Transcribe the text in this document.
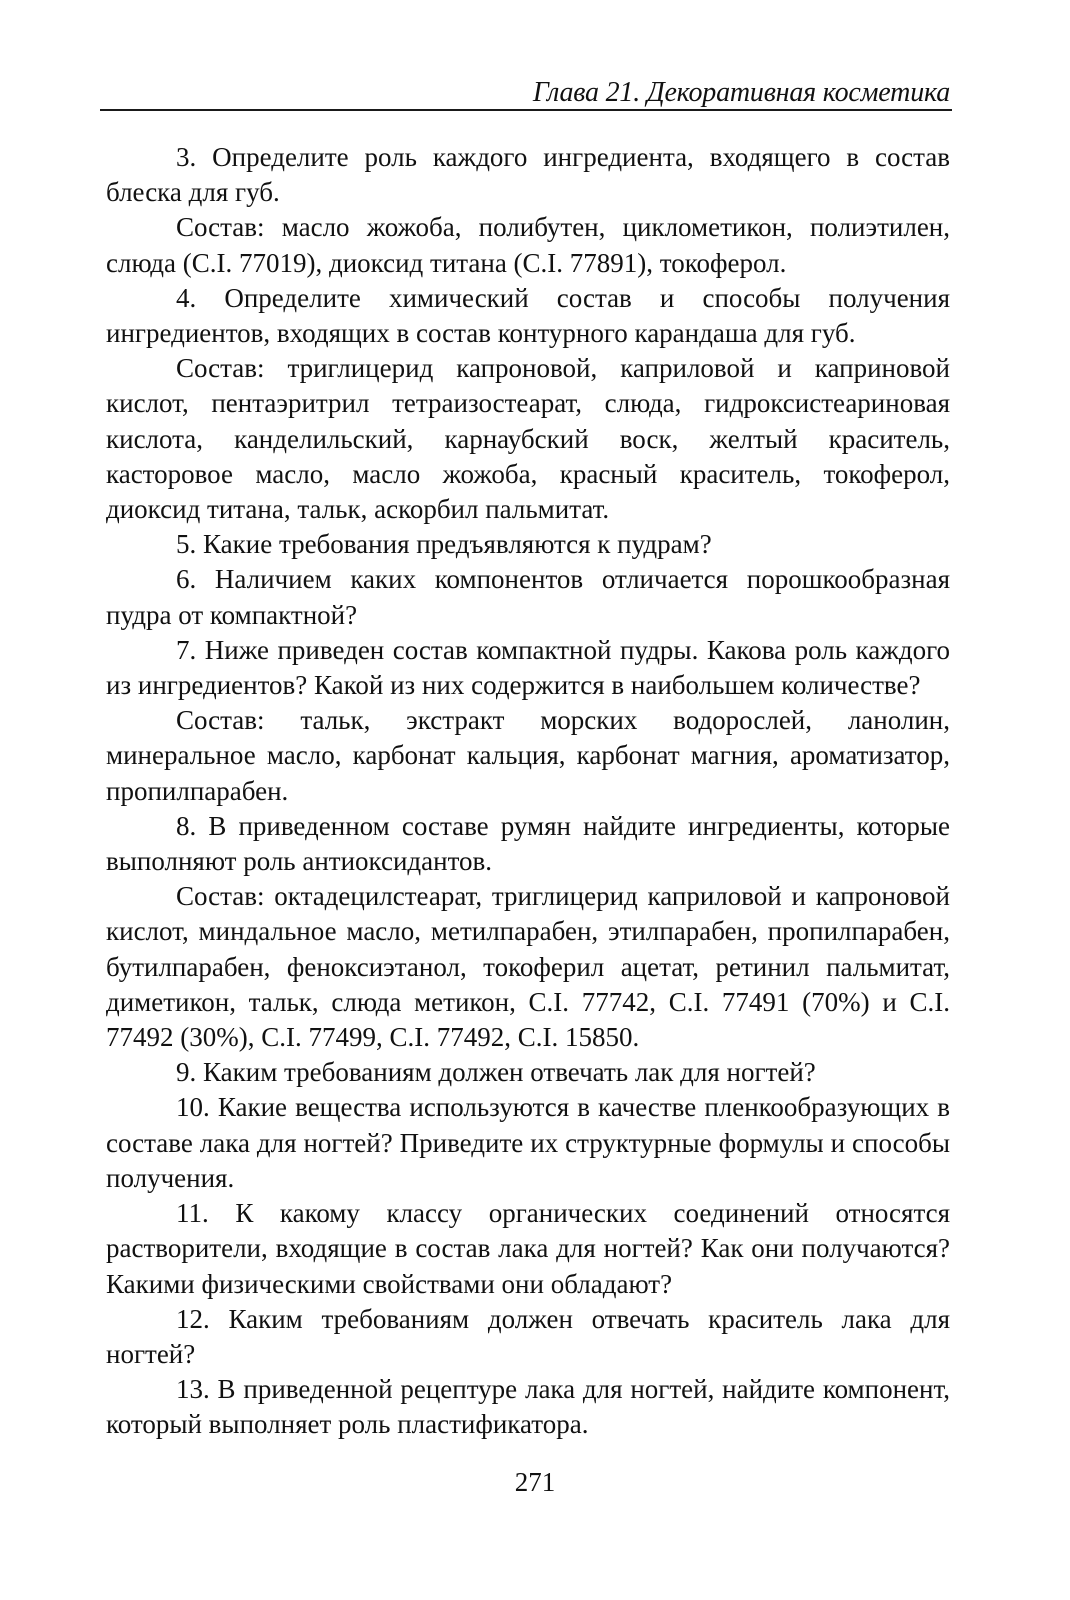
Глава 21. Декоративная косметика

3. Определите роль каждого ингредиента, входящего в состав блеска для губ.

Состав: масло жожоба, полибутен, циклометикон, полиэтилен, слюда (C.I. 77019), диоксид титана (C.I. 77891), токоферол.

4. Определите химический состав и способы получения ингредиентов, входящих в состав контурного карандаша для губ.

Состав: триглицерид капроновой, каприловой и каприновой кислот, пентаэритрил тетраизостеарат, слюда, гидроксистеариновая кислота, канделильский, карнаубский воск, желтый краситель, касторовое масло, масло жожоба, красный краситель, токоферол, диоксид титана, тальк, аскорбил пальмитат.

5. Какие требования предъявляются к пудрам?

6. Наличием каких компонентов отличается порошкообразная пудра от компактной?

7. Ниже приведен состав компактной пудры. Какова роль каждого из ингредиентов? Какой из них содержится в наибольшем количестве?

Состав: тальк, экстракт морских водорослей, ланолин, минеральное масло, карбонат кальция, карбонат магния, ароматизатор, пропилпарабен.

8. В приведенном составе румян найдите ингредиенты, которые выполняют роль антиоксидантов.

Состав: октадецилстеарат, триглицерид каприловой и капроновой кислот, миндальное масло, метилпарабен, этилпарабен, пропилпарабен, бутилпарабен, феноксиэтанол, токоферил ацетат, ретинил пальмитат, диметикон, тальк, слюда метикон, C.I. 77742, C.I. 77491 (70%) и C.I. 77492 (30%), C.I. 77499, C.I. 77492, C.I. 15850.

9. Каким требованиям должен отвечать лак для ногтей?

10. Какие вещества используются в качестве пленкообразующих в составе лака для ногтей? Приведите их структурные формулы и способы получения.

11. К какому классу органических соединений относятся растворители, входящие в состав лака для ногтей? Как они получаются? Какими физическими свойствами они обладают?

12. Каким требованиям должен отвечать краситель лака для ногтей?

13. В приведенной рецептуре лака для ногтей, найдите компонент, который выполняет роль пластификатора.

271
